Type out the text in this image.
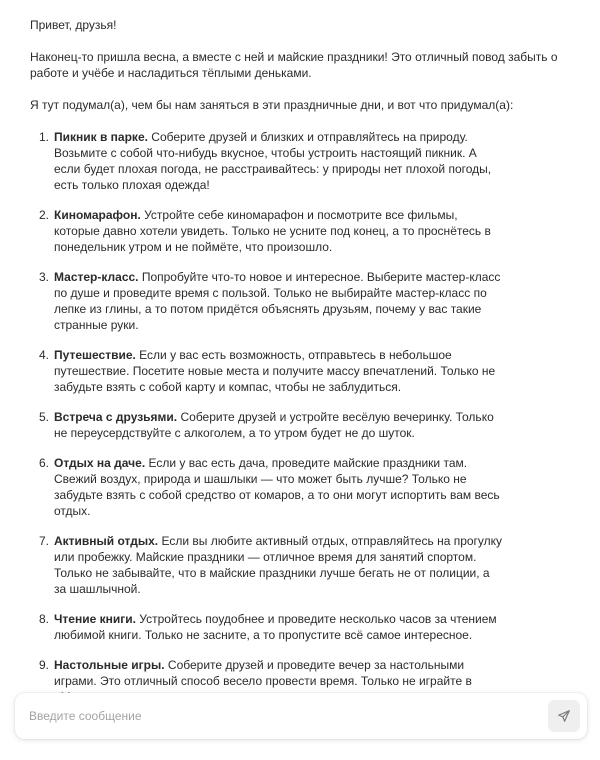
Привет, друзья!

Наконец-то пришла весна, а вместе с ней и майские праздники! Это отличный повод забыть о работе и учёбе и насладиться тёплыми деньками.

Я тут подумал(а), чем бы нам заняться в эти праздничные дни, и вот что придумал(а):

1. Пикник в парке. Соберите друзей и близких и отправляйтесь на природу. Возьмите с собой что-нибудь вкусное, чтобы устроить настоящий пикник. А если будет плохая погода, не расстраивайтесь: у природы нет плохой погоды, есть только плохая одежда!
2. Киномарафон. Устройте себе киномарафон и посмотрите все фильмы, которые давно хотели увидеть. Только не усните под конец, а то проснётесь в понедельник утром и не поймёте, что произошло.
3. Мастер-класс. Попробуйте что-то новое и интересное. Выберите мастер-класс по душе и проведите время с пользой. Только не выбирайте мастер-класс по лепке из глины, а то потом придётся объяснять друзьям, почему у вас такие странные руки.
4. Путешествие. Если у вас есть возможность, отправьтесь в небольшое путешествие. Посетите новые места и получите массу впечатлений. Только не забудьте взять с собой карту и компас, чтобы не заблудиться.
5. Встреча с друзьями. Соберите друзей и устройте весёлую вечеринку. Только не переусердствуйте с алкоголем, а то утром будет не до шуток.
6. Отдых на даче. Если у вас есть дача, проведите майские праздники там. Свежий воздух, природа и шашлыки — что может быть лучше? Только не забудьте взять с собой средство от комаров, а то они могут испортить вам весь отдых.
7. Активный отдых. Если вы любите активный отдых, отправляйтесь на прогулку или пробежку. Майские праздники — отличное время для занятий спортом. Только не забывайте, что в майские праздники лучше бегать не от полиции, а за шашлычной.
8. Чтение книги. Устройтесь поудобнее и проведите несколько часов за чтением любимой книги. Только не засните, а то пропустите всё самое интересное.
9. Настольные игры. Соберите друзей и проведите вечер за настольными играми. Это отличный способ весело провести время. Только не играйте в
Введите сообщение
